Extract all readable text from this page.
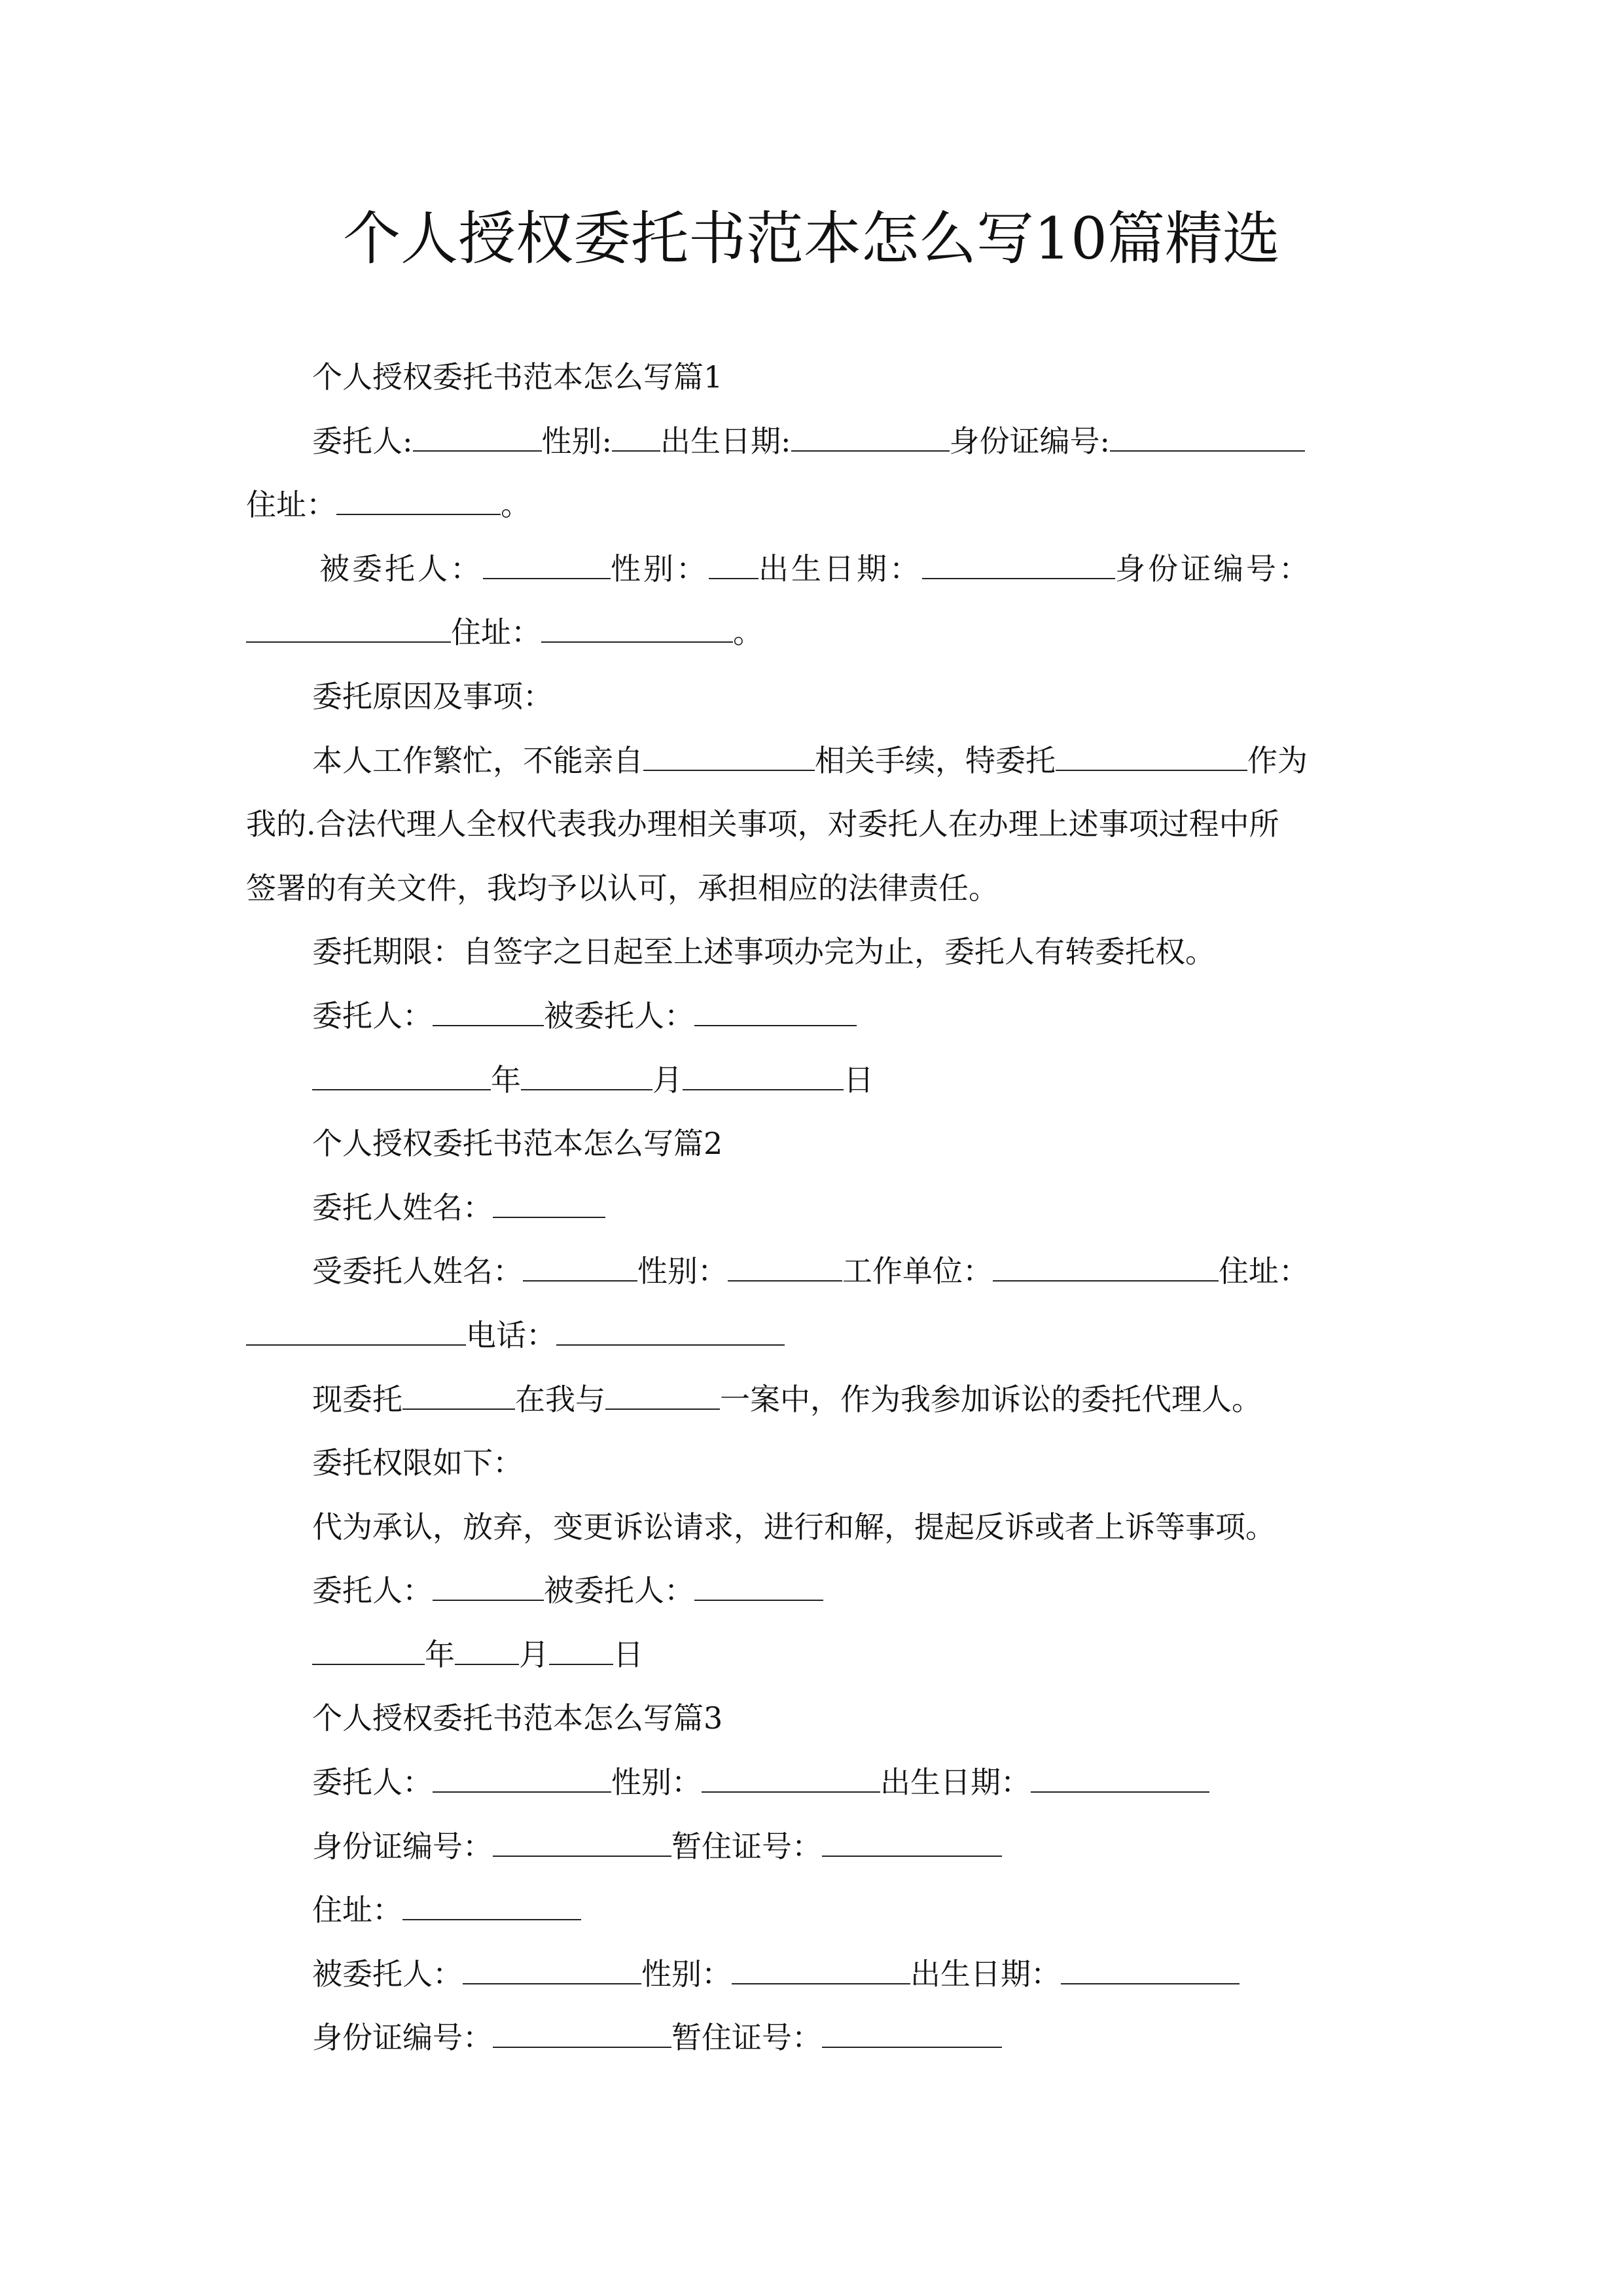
个人授权委托书范本怎么写10篇精选
个人授权委托书范本怎么写篇1
委托人:	性别: 出生日期:	身份证编号:
住址：	。
被委托人：	性别： 出生日期：	身份证编号：
住址：	。
委托原因及事项：
本人工作繁忙，不能亲自	相关手续，特委托	作为
我的.合法代理人全权代表我办理相关事项，对委托人在办理上述事项过程中所
签署的有关文件，我均予以认可，承担相应的法律责任。
委托期限：自签字之日起至上述事项办完为止，委托人有转委托权。
委托人：	被委托人：
年	月	日
个人授权委托书范本怎么写篇2
委托人姓名：
受委托人姓名：	性别：	工作单位：	住址：
电话：
现委托	在我与	一案中，作为我参加诉讼的委托代理人。
委托权限如下：
代为承认，放弃，变更诉讼请求，进行和解，提起反诉或者上诉等事项。
委托人：	被委托人：
年 月 日
个人授权委托书范本怎么写篇3
委托人：	性别：	出生日期：
身份证编号：	暂住证号：
住址：
被委托人：	性别：	出生日期：
身份证编号：	暂住证号：
